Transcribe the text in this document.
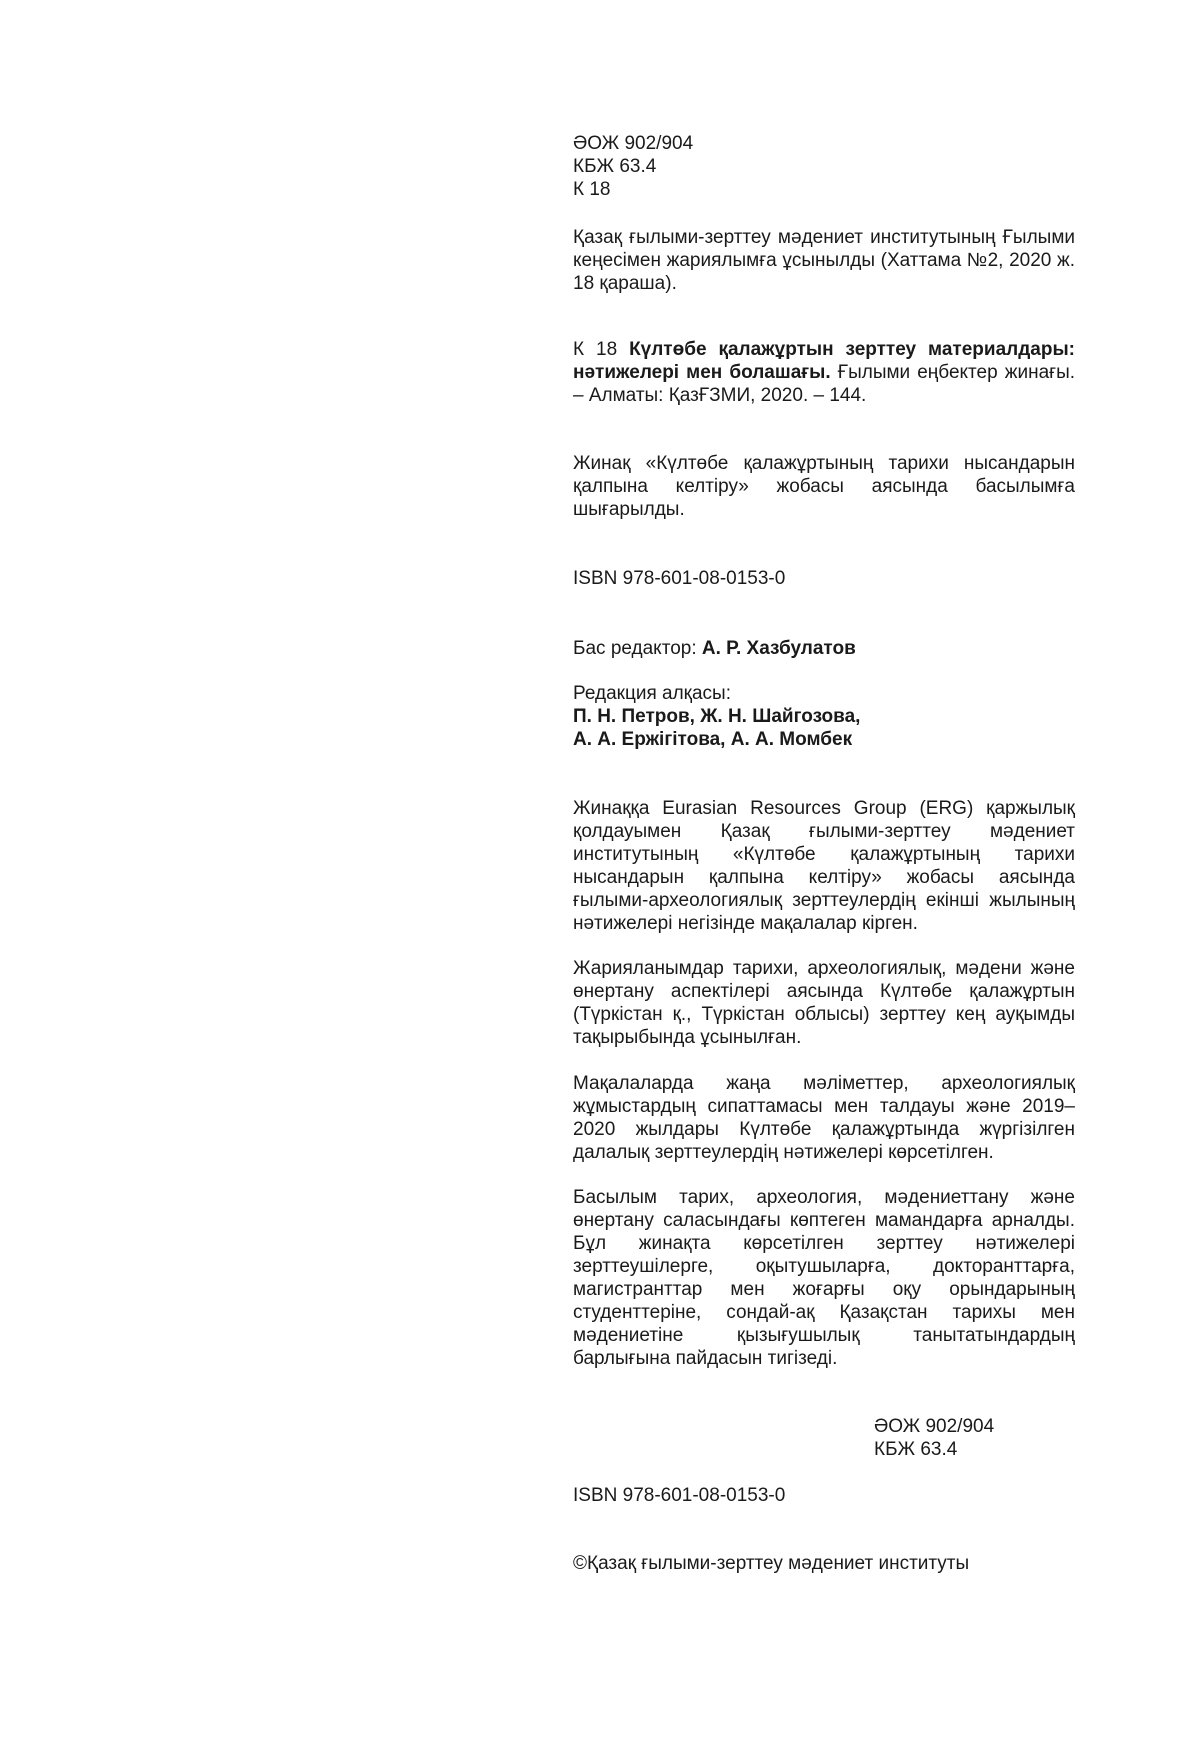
ӘОЖ 902/904
КБЖ 63.4
К 18

Қазақ ғылыми-зерттеу мәдениет институтының Ғылыми кеңесімен жариялымға ұсынылды (Хаттама №2, 2020 ж. 18 қараша).

К 18 Күлтөбе қалажұртын зерттеу материалдары: нәтижелері мен болашағы. Ғылыми еңбектер жинағы. – Алматы: ҚазҒЗМИ, 2020. – 144.

Жинақ «Күлтөбе қалажұртының тарихи нысандарын қалпына келтіру» жобасы аясында басылымға шығарылды.

ISBN 978-601-08-0153-0
Бас редактор: А. Р. Хазбулатов
Редакция алқасы:
П. Н. Петров, Ж. Н. Шайгозова,
А. А. Ержігітова, А. А. Момбек

Жинаққа Eurasian Resources Group (ERG) қаржылық қолдауымен Қазақ ғылыми-зерттеу мәдениет институтының «Күлтөбе қалажұртының тарихи нысандарын қалпына келтіру» жобасы аясында ғылыми-археологиялық зерттеулердің екінші жылының нәтижелері негізінде мақалалар кірген.

Жарияланымдар тарихи, археологиялық, мәдени және өнертану аспектілері аясында Күлтөбе қалажұртын (Түркістан қ., Түркістан облысы) зерттеу кең ауқымды тақырыбында ұсынылған.

Мақалаларда жаңа мәліметтер, археологиялық жұмыстардың сипаттамасы мен талдауы және 2019–2020 жылдары Күлтөбе қалажұртында жүргізілген далалық зерттеулердің нәтижелері көрсетілген.

Басылым тарих, археология, мәдениеттану және өнертану саласындағы көптеген мамандарға арналды. Бұл жинақта көрсетілген зерттеу нәтижелері зерттеушілерге, оқытушыларға, докторанттарға, магистранттар мен жоғарғы оқу орындарының студенттеріне, сондай-ақ Қазақстан тарихы мен мәдениетіне қызығушылық танытатындардың барлығына пайдасын тигізеді.

ӘОЖ 902/904
КБЖ 63.4
ISBN 978-601-08-0153-0
©Қазақ ғылыми-зерттеу мәдениет институты
